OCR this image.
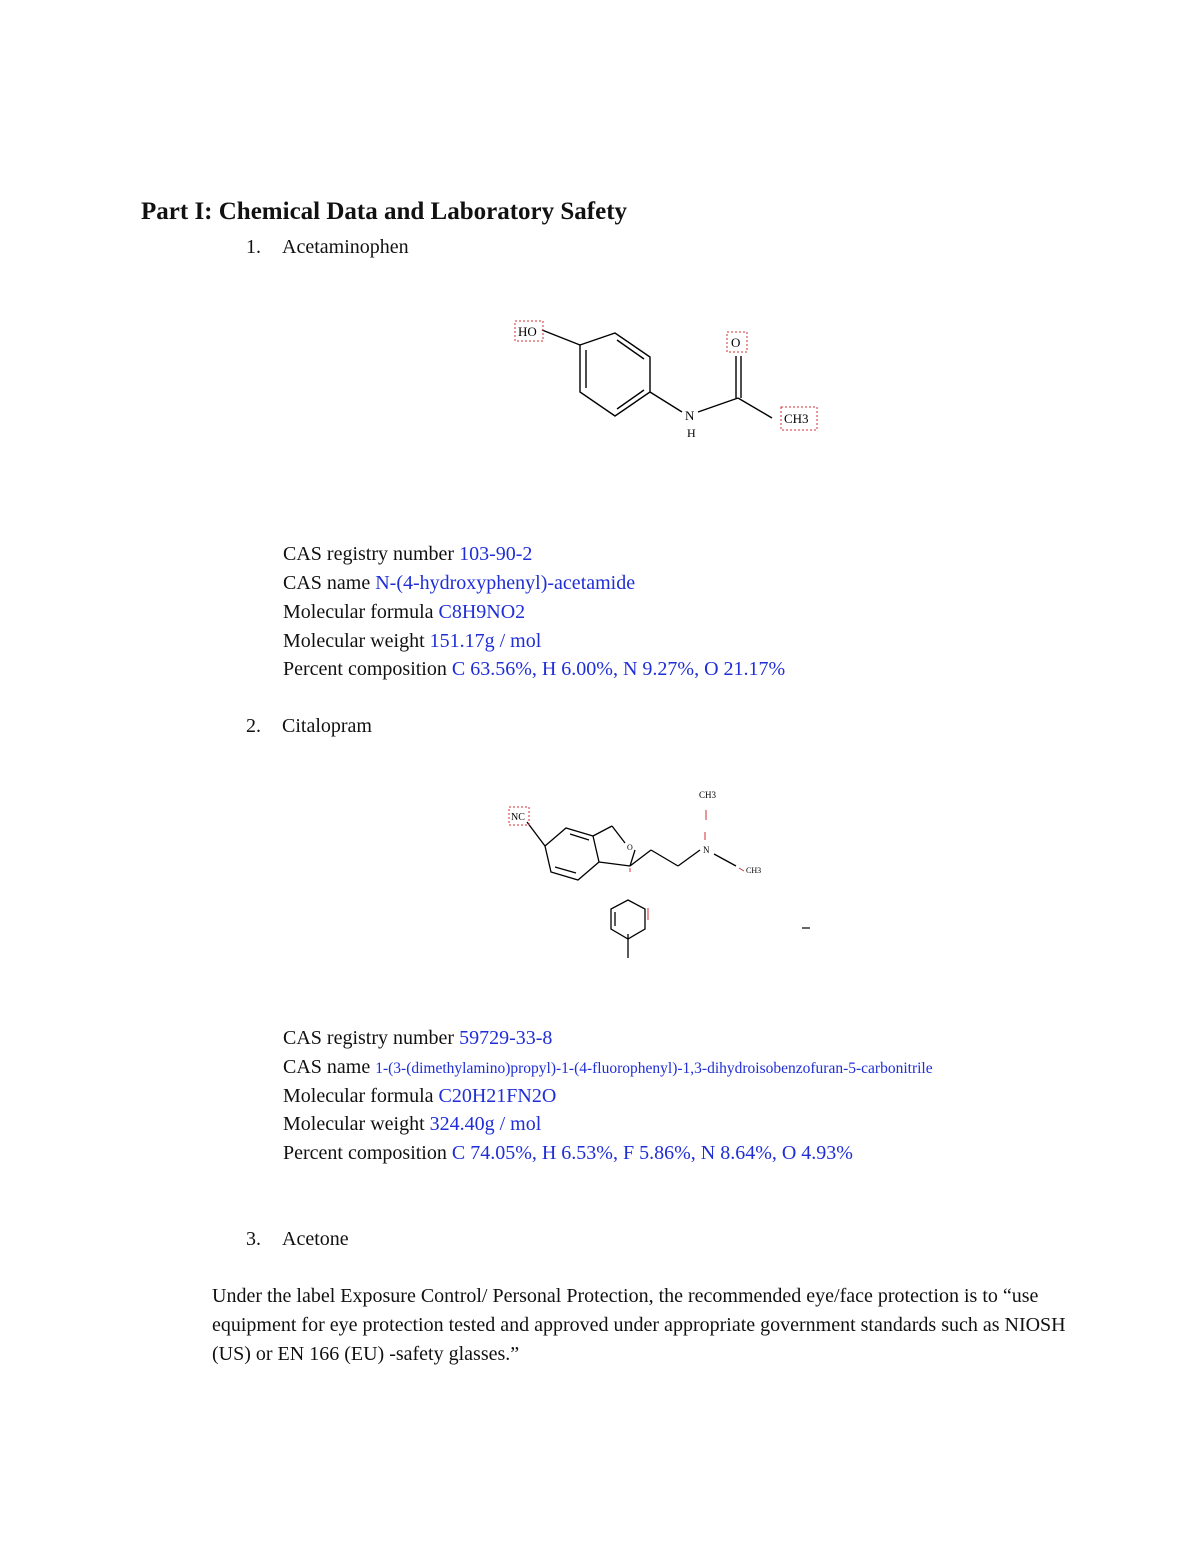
Part I: Chemical Data and Laboratory Safety
1. Acetaminophen
HO
O
N
H
CH3
CAS registry number 103-90-2
CAS name N-(4-hydroxyphenyl)-acetamide
Molecular formula C8H9NO2
Molecular weight 151.17g / mol
Percent composition C 63.56%, H 6.00%, N 9.27%, O 21.17%
2. Citalopram
NC
O	N
CH3
CH3
CAS registry number 59729-33-8
CAS name 1-(3-(dimethylamino)propyl)-1-(4-fluorophenyl)-1,3-dihydroisobenzofuran-5-carbonitrile
Molecular formula C20H21FN2O
Molecular weight 324.40g / mol
Percent composition C 74.05%, H 6.53%, F 5.86%, N 8.64%, O 4.93%
3. Acetone
Under the label Exposure Control/ Personal Protection, the recommended eye/face protection is to “use equipment for eye protection tested and approved under appropriate government standards such as NIOSH (US) or EN 166 (EU) -safety glasses.”
